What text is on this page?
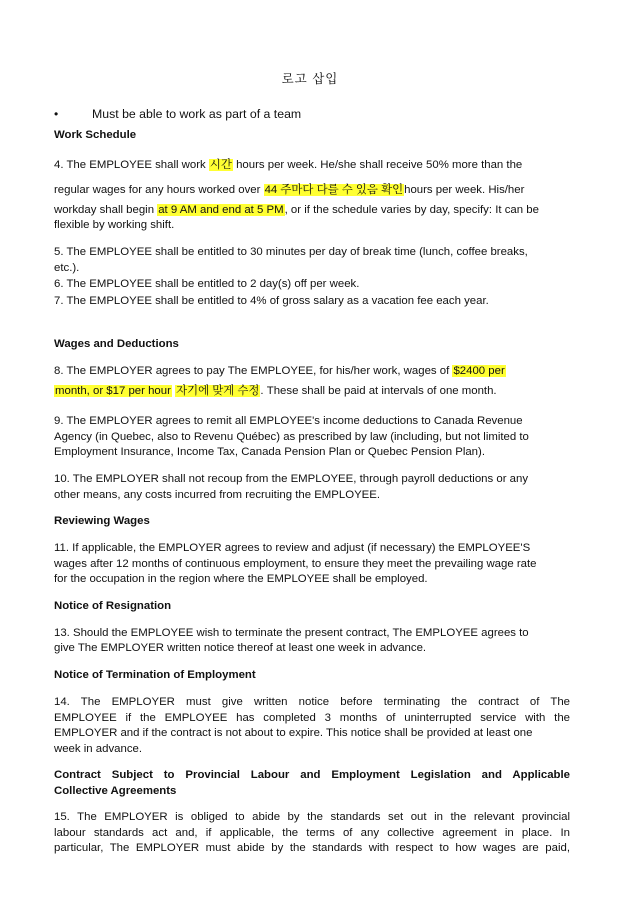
로고 삽입
•	Must be able to work as part of a team
Work Schedule
4. The EMPLOYEE shall work 시간 hours per week. He/she shall receive 50% more than the
regular wages for any hours worked over 44 주마다 다를 수 있음 확인hours per week. His/her
workday shall begin at 9 AM and end at 5 PM, or if the schedule varies by day, specify: It can be
flexible by working shift.
5. The EMPLOYEE shall be entitled to 30 minutes per day of break time (lunch, coffee breaks,
etc.).
6. The EMPLOYEE shall be entitled to 2 day(s) off per week.
7. The EMPLOYEE shall be entitled to 4% of gross salary as a vacation fee each year.
Wages and Deductions
8. The EMPLOYER agrees to pay The EMPLOYEE, for his/her work, wages of $2400 per
month, or $17 per hour 자기에 맞게 수정. These shall be paid at intervals of one month.
9. The EMPLOYER agrees to remit all EMPLOYEE's income deductions to Canada Revenue
Agency (in Quebec, also to Revenu Québec) as prescribed by law (including, but not limited to
Employment Insurance, Income Tax, Canada Pension Plan or Quebec Pension Plan).
10. The EMPLOYER shall not recoup from the EMPLOYEE, through payroll deductions or any
other means, any costs incurred from recruiting the EMPLOYEE.
Reviewing Wages
11. If applicable, the EMPLOYER agrees to review and adjust (if necessary) the EMPLOYEE'S
wages after 12 months of continuous employment, to ensure they meet the prevailing wage rate
for the occupation in the region where the EMPLOYEE shall be employed.
Notice of Resignation
13. Should the EMPLOYEE wish to terminate the present contract, The EMPLOYEE agrees to
give The EMPLOYER written notice thereof at least one week in advance.
Notice of Termination of Employment
14. The EMPLOYER must give written notice before terminating the contract of The
EMPLOYEE if the EMPLOYEE has completed 3 months of uninterrupted service with the
EMPLOYER and if the contract is not about to expire. This notice shall be provided at least one
week in advance.
Contract Subject to Provincial Labour and Employment Legislation and Applicable
Collective Agreements
15. The EMPLOYER is obliged to abide by the standards set out in the relevant provincial
labour standards act and, if applicable, the terms of any collective agreement in place. In
particular, The EMPLOYER must abide by the standards with respect to how wages are paid,
